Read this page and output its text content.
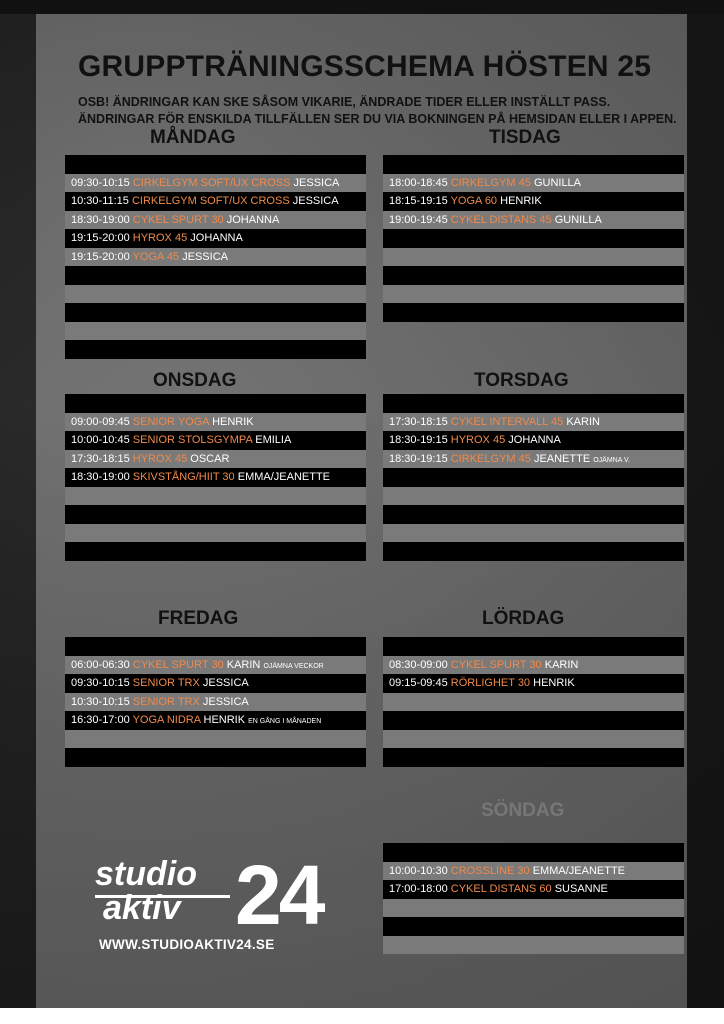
GRUPPTRÄNINGSSCHEMA HÖSTEN 25

OSB! ÄNDRINGAR KAN SKE SÅSOM VIKARIE, ÄNDRADE TIDER ELLER INSTÄLLT PASS.

ÄNDRINGAR FÖR ENSKILDA TILLFÄLLEN SER DU VIA BOKNINGEN PÅ HEMSIDAN ELLER I APPEN.

MÅNDAG	TISDAG
ONSDAG	TORSDAG
FREDAG	LÖRDAG
SÖNDAG
09:30-10:15 CIRKELGYM SOFT/UX CROSS JESSICA
10:30-11:15 CIRKELGYM SOFT/UX CROSS JESSICA
18:30-19:00 CYKEL SPURT 30 JOHANNA
19:15-20:00 HYROX 45 JOHANNA
19:15-20:00 YOGA 45 JESSICA
18:00-18:45 CIRKELGYM 45 GUNILLA
18:15-19:15 YOGA 60 HENRIK
19:00-19:45 CYKEL DISTANS 45 GUNILLA
09:00-09:45 SENIOR YOGA HENRIK
10:00-10:45 SENIOR STOLSGYMPA EMILIA
17:30-18:15 HYROX 45 OSCAR
18:30-19:00 SKIVSTÅNG/HIIT 30 EMMA/JEANETTE
17:30-18:15 CYKEL INTERVALL 45 KARIN
18:30-19:15 HYROX 45 JOHANNA
18:30-19:15 CIRKELGYM 45 JEANETTE OJÄMNA V.
06:00-06:30 CYKEL SPURT 30 KARIN OJÄMNA VECKOR
09:30-10:15 SENIOR TRX JESSICA
10:30-10:15 SENIOR TRX JESSICA
16:30-17:00 YOGA NIDRA HENRIK EN GÅNG I MÅNADEN
08:30-09:00 CYKEL SPURT 30 KARIN
09:15-09:45 RÖRLIGHET 30 HENRIK
10:00-10:30 CROSSLINE 30 EMMA/JEANETTE
17:00-18:00 CYKEL DISTANS 60 SUSANNE
studio
aktiv 24
WWW.STUDIOAKTIV24.SE
